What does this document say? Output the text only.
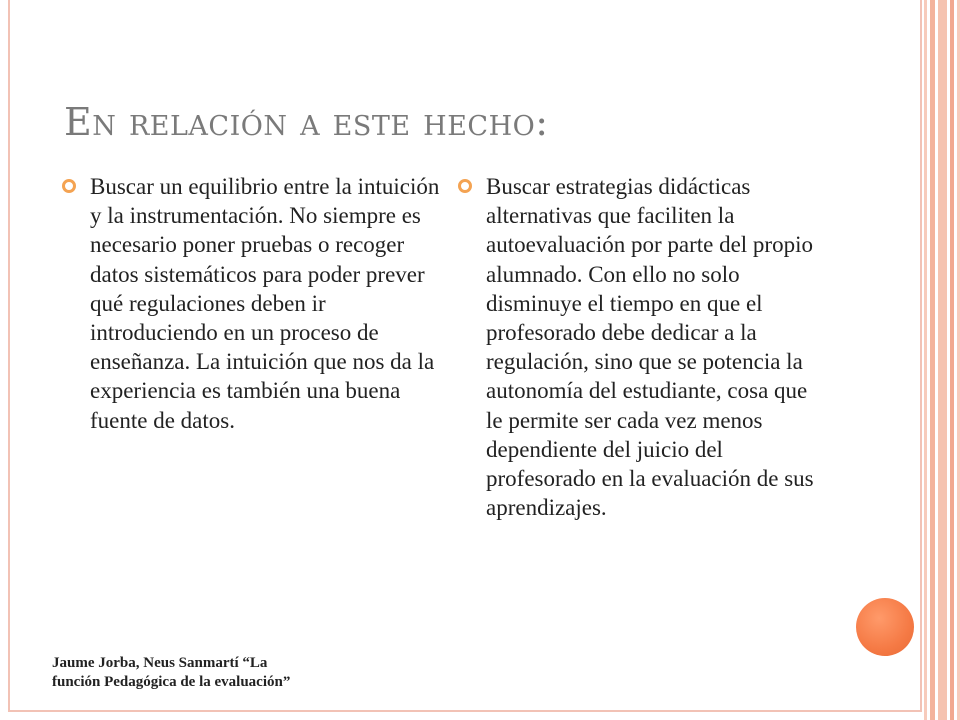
En relación a este hecho:
Buscar un equilibrio entre la intuición y la instrumentación. No siempre es necesario poner pruebas o recoger datos sistemáticos para poder prever qué regulaciones deben ir introduciendo en un proceso de enseñanza. La intuición que nos da la experiencia es también una buena fuente de datos.
Buscar estrategias didácticas alternativas que faciliten la autoevaluación por parte del propio alumnado. Con ello no solo disminuye el tiempo en que el profesorado debe dedicar a la regulación, sino que se potencia la autonomía del estudiante, cosa que le permite ser cada vez menos dependiente del juicio del profesorado en la evaluación de sus aprendizajes.

Jaume Jorba, Neus Sanmartí “La
función Pedagógica de la evaluación”
